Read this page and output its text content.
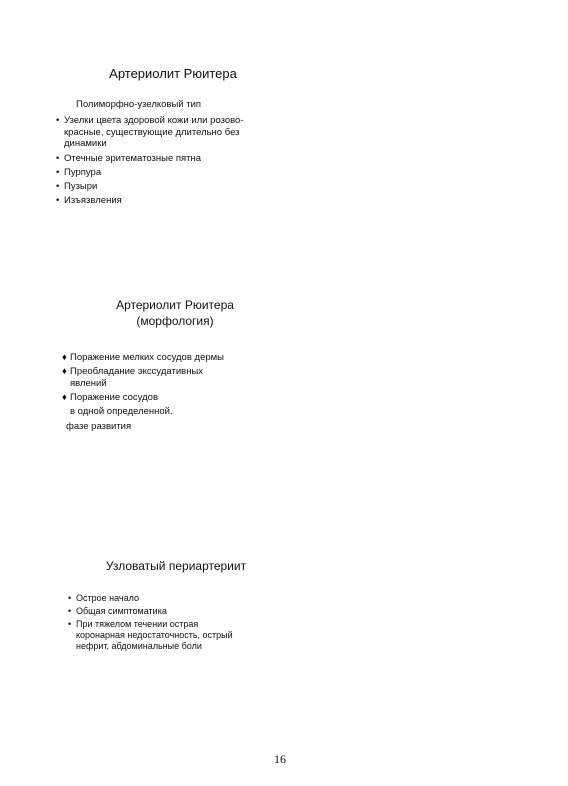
Артериолит Рюитера
Полиморфно-узелковый тип
• Узелки цвета здоровой кожи или розово-
красные, существующие длительно без
динамики
• Отечные эритематозные пятна
• Пурпура
• Пузыри
• Изъязвления
Артериолит Рюитера
(морфология)
♦ Поражение мелких сосудов дермы
♦ Преобладание экссудативных
явлений
♦ Поражение сосудов
в одной определенной.
фазе развития
Узловатый периартериит
• Острое начало
• Общая симптоматика
• При тяжелом течении острая
коронарная недостаточность, острый
нефрит, абдоминальные боли
16
